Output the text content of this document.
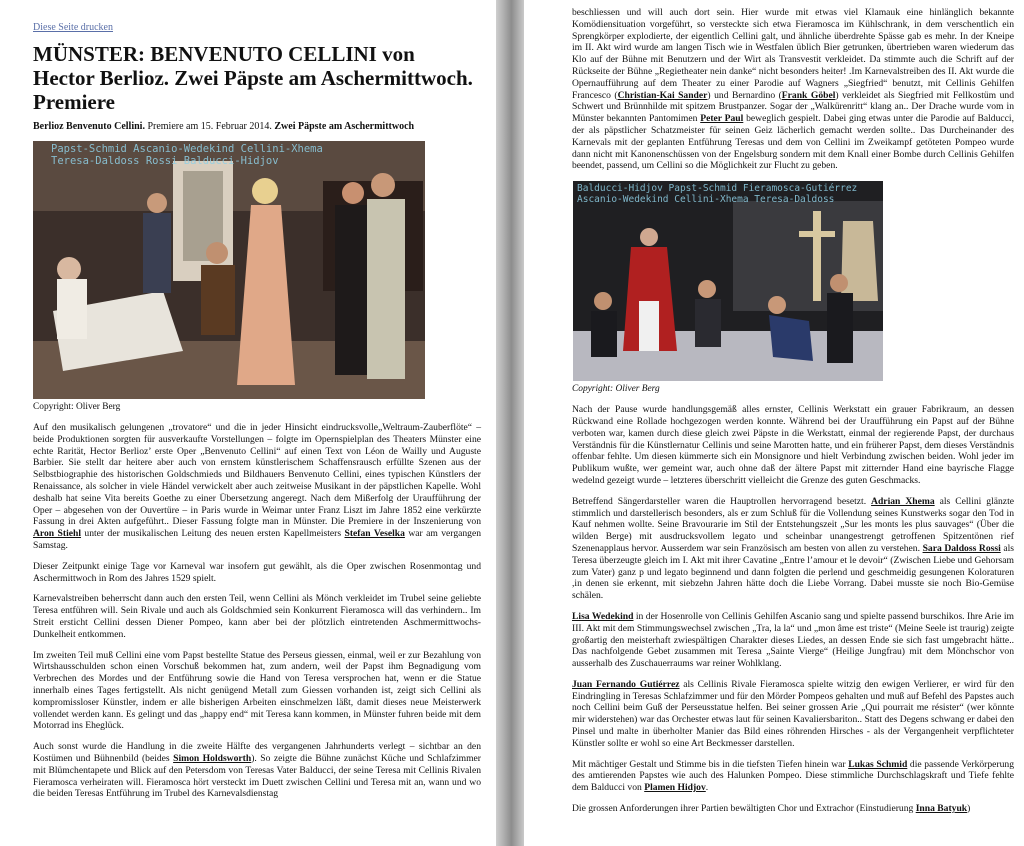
Diese Seite drucken
MÜNSTER: BENVENUTO CELLINI von Hector Berlioz. Zwei Päpste am Aschermittwoch. Premiere
Berlioz Benvenuto Cellini. Premiere am 15. Februar 2014. Zwei Päpste am Aschermittwoch
Papst-Schmid Ascanio-Wedekind Cellini-Xhema
Teresa-Daldoss Rossi Balducci-Hidjov
Copyright: Oliver Berg

Auf den musikalisch gelungenen „trovatore“ und die in jeder Hinsicht eindrucksvolle„Weltraum-Zauberflöte“ – beide Produktionen sorgten für ausverkaufte Vorstellungen – folgte im Opernspielplan des Theaters Münster eine echte Rarität, Hector Berlioz’ erste Oper „Benvenuto Cellini“ auf einen Text von Léon de Wailly und Auguste Barbier. Sie stellt dar heitere aber auch von ernstem künstlerischem Schaffensrausch erfüllte Szenen aus der Selbstbiographie des historischen Goldschmieds und Bildhauers Benvenuto Cellini, eines typischen Künstlers der Renaissance, als solcher in viele Händel verwickelt aber auch zeitweise Musikant in der päpstlichen Kapelle. Wohl deshalb hat seine Vita bereits Goethe zu einer Übersetzung angeregt. Nach dem Mißerfolg der Uraufführung der Oper – abgesehen von der Ouvertüre – in Paris wurde in Weimar unter Franz Liszt im Jahre 1852 eine verkürzte Fassung in drei Akten aufgeführt.. Dieser Fassung folgte man in Münster. Die Premiere in der Inszenierung von Aron Stiehl unter der musikalischen Leitung des neuen ersten Kapellmeisters Stefan Veselka war am vergangen Samstag.

Dieser Zeitpunkt einige Tage vor Karneval war insofern gut gewählt, als die Oper zwischen Rosenmontag und Aschermittwoch in Rom des Jahres 1529 spielt.

Karnevalstreiben beherrscht dann auch den ersten Teil, wenn Cellini als Mönch verkleidet im Trubel seine geliebte Teresa entführen will. Sein Rivale und auch als Goldschmied sein Konkurrent Fieramosca will das verhindern.. Im Streit ersticht Cellini dessen Diener Pompeo, kann aber bei der plötzlich eintretenden Aschmermittwochs-Dunkelheit entkommen.

Im zweiten Teil muß Cellini eine vom Papst bestellte Statue des Perseus giessen, einmal, weil er zur Bezahlung von Wirtshausschulden schon einen Vorschuß bekommen hat, zum andern, weil der Papst ihm Begnadigung vom Verbrechen des Mordes und der Entführung sowie die Hand von Teresa versprochen hat, wenn er die Statue innerhalb eines Tages fertigstellt. Als nicht genügend Metall zum Giessen vorhanden ist, zeigt sich Cellini als kompromissloser Künstler, indem er alle bisherigen Arbeiten einschmelzen läßt, damit dieses neue Meisterwerk vollendet werden kann. Es gelingt und das „happy end“ mit Teresa kann kommen, in Münster fuhren beide mit dem Motorrad ins Eheglück.

Auch sonst wurde die Handlung in die zweite Hälfte des vergangenen Jahrhunderts verlegt – sichtbar an den Kostümen und Bühnenbild (beides Simon Holdsworth). So zeigte die Bühne zunächst Küche und Schlafzimmer mit Blümchentapete und Blick auf den Petersdom von Teresas Vater Balducci, der seine Teresa mit Cellinis Rivalen Fieramosca verheiraten will. Fieramosca hört versteckt im Duett zwischen Cellini und Teresa mit an, wann und wo die beiden Teresas Entführung im Trubel des Karnevalsdienstag

beschliessen und will auch dort sein. Hier wurde mit etwas viel Klamauk eine hinlänglich bekannte Komödiensituation vorgeführt, so versteckte sich etwa Fieramosca im Kühlschrank, in dem verschentlich ein Sprengkörper explodierte, der eigentlich Cellini galt, und ähnliche überdrehte Spässe gab es mehr. In der Kneipe im II. Akt wird wurde am langen Tisch wie in Westfalen üblich Bier getrunken, übertrieben waren wiederum das Klo auf der Bühne mit Benutzern und der Wirt als Transvestit verkleidet. Da stimmte auch die Schrift auf der Rückseite der Bühne „Regietheater nein danke“ nicht besonders heiter! .Im Karnevalstreiben des II. Akt wurde die Opernaufführung auf dem Theater zu einer Parodie auf Wagners „Siegfried“ benutzt, mit Cellinis Gehilfen Francesco (Christian-Kai Sander) und Bernardino (Frank Göbel) verkleidet als Siegfried mit Fellkostüm und Schwert und Brünnhilde mit spitzem Brustpanzer. Sogar der „Walkürenritt“ klang an.. Der Drache wurde vom in Münster bekannten Pantomimen Peter Paul beweglich gespielt. Dabei ging etwas unter die Parodie auf Balducci, der als päpstlicher Schatzmeister für seinen Geiz lächerlich gemacht werden sollte.. Das Durcheinander des Karnevals mit der geplanten Entführung Teresas und dem von Cellini im Zweikampf getöteten Pompeo wurde dann nicht mit Kanonenschüssen von der Engelsburg sondern mit dem Knall einer Bombe durch Cellinis Gehilfen beendet, passend, um Cellini so die Möglichkeit zur Flucht zu geben.

Balducci-Hidjov Papst-Schmid Fieramosca-Gutiérrez
Ascanio-Wedekind Cellini-Xhema Teresa-Daldoss
Copyright: Oliver Berg

Nach der Pause wurde handlungsgemäß alles ernster, Cellinis Werkstatt ein grauer Fabrikraum, an dessen Rückwand eine Rollade hochgezogen werden konnte. Während bei der Uraufführung ein Papst auf der Bühne verboten war, kamen durch diese gleich zwei Päpste in die Werkstatt, einmal der regierende Papst, der durchaus Verständnis für die Künstlernatur Cellinis und seine Marotten hatte, und ein früherer Papst, dem dieses Verständnis offenbar fehlte. Um diesen kümmerte sich ein Monsignore und hielt Verbindung zwischen beiden. Wohl jeder im Publikum wußte, wer gemeint war, auch ohne daß der ältere Papst mit zitternder Hand eine bayrische Flagge wedelnd gezeigt wurde – letzteres überschritt vielleicht die Grenze des guten Geschmacks.

Betreffend Sängerdarsteller waren die Hauptrollen hervorragend besetzt. Adrian Xhema als Cellini glänzte stimmlich und darstellerisch besonders, als er zum Schluß für die Vollendung seines Kunstwerks sogar den Tod in Kauf nehmen wollte. Seine Bravourarie im Stil der Entstehungszeit „Sur les monts les plus sauvages“ (Über die wilden Berge) mit ausdrucksvollem legato und scheinbar unangestrengt getroffenen Spitzentönen rief Szenenapplaus hervor. Ausserdem war sein Französisch am besten von allen zu verstehen. Sara Daldoss Rossi als Teresa überzeugte gleich im I. Akt mit ihrer Cavatine „Entre l’amour et le devoir“ (Zwischen Liebe und Gehorsam zum Vater) ganz p und legato beginnend und dann folgten die perlend und geschmeidig gesungenen Koloraturen ,in denen sie erkennt, mit siebzehn Jahren hätte doch die Liebe Vorrang. Dabei musste sie noch Bio-Gemüse schälen.

Lisa Wedekind in der Hosenrolle von Cellinis Gehilfen Ascanio sang und spielte passend burschikos. Ihre Arie im III. Akt mit dem Stimmungswechsel zwischen „Tra, la la“ und „mon âme est triste“ (Meine Seele ist traurig) zeigte großartig den meisterhaft zwiespältigen Charakter dieses Liedes, an dessen Ende sie sich fast umgebracht hätte.. Das nachfolgende Gebet zusammen mit Teresa „Sainte Vierge“ (Heilige Jungfrau) mit dem Mönchschor von ausserhalb des Zuschauerraums war reiner Wohlklang.

Juan Fernando Gutiérrez als Cellinis Rivale Fieramosca spielte witzig den ewigen Verlierer, er wird für den Eindringling in Teresas Schlafzimmer und für den Mörder Pompeos gehalten und muß auf Befehl des Papstes auch noch Cellini beim Guß der Perseusstatue helfen. Bei seiner grossen Arie „Qui pourrait me résister“ (wer könnte mir widerstehen) war das Orchester etwas laut für seinen Kavaliersbariton.. Statt des Degens schwang er dabei den Pinsel und malte in überholter Manier das Bild eines röhrenden Hirsches - als der Vergangenheit verpflichteter Künstler sollte er wohl so eine Art Beckmesser darstellen.

Mit mächtiger Gestalt und Stimme bis in die tiefsten Tiefen hinein war Lukas Schmid die passende Verkörperung des amtierenden Papstes wie auch des Halunken Pompeo. Diese stimmliche Durchschlagskraft und Tiefe fehlte dem Balducci von Plamen Hidjov.

Die grossen Anforderungen ihrer Partien bewältigten Chor und Extrachor (Einstudierung Inna Batyuk)
